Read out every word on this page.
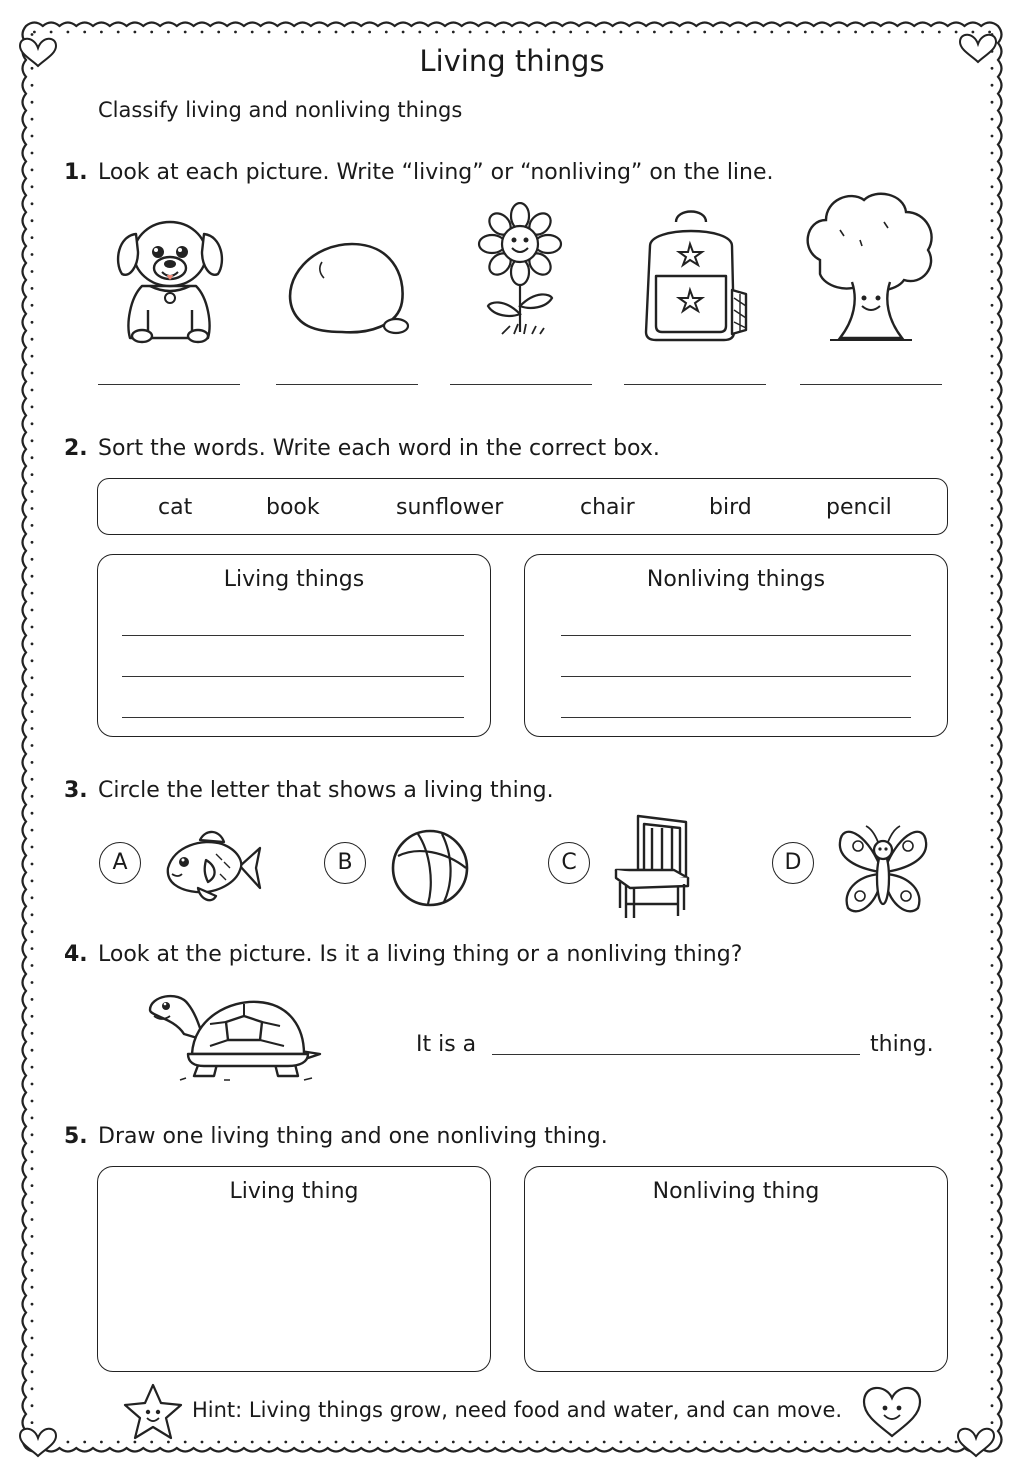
Living things
Classify living and nonliving things
1. Look at each picture. Write “living” or “nonliving” on the line.
2. Sort the words. Write each word in the correct box.
cat	book	sunflower	chair	bird	pencil
Living things	Nonliving things
3. Circle the letter that shows a living thing.
A	B	C	D
4. Look at the picture. Is it a living thing or a nonliving thing?
It is a	thing.
5. Draw one living thing and one nonliving thing.
Living thing	Nonliving thing
Hint: Living things grow, need food and water, and can move.
